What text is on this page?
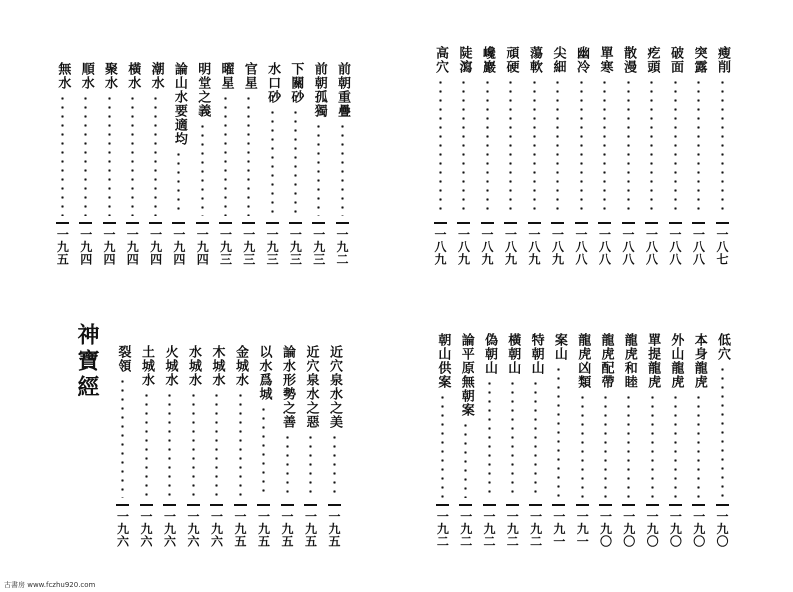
神寶經
古書房 www.fczhu920.com
前朝重疊
一九二
前朝孤獨
一九三
下關砂
一九三
水口砂
一九三
官星
一九三
曜星
一九三
明堂之義
一九四
論山水要適均
一九四
潮水
一九四
橫水
一九四
聚水
一九四
順水
一九四
無水
一九五
瘦削
一八七
突露
一八八
破面
一八八
疙頭
一八八
散漫
一八八
單寒
一八八
幽冷
一八八
尖細
一八九
蕩軟
一八九
頑硬
一八九
巉巖
一八九
陡瀉
一八九
高穴
一八九
近穴泉水之美
一九五
近穴泉水之惡
一九五
論水形勢之善
一九五
以水爲城
一九五
金城水
一九五
木城水
一九六
水城水
一九六
火城水
一九六
土城水
一九六
裂領
一九六
低穴
一九〇
本身龍虎
一九〇
外山龍虎
一九〇
單提龍虎
一九〇
龍虎和睦
一九〇
龍虎配帶
一九〇
龍虎凶類
一九一
案山
一九一
特朝山
一九二
橫朝山
一九二
偽朝山
一九二
論平原無朝案
一九二
朝山供案
一九二
